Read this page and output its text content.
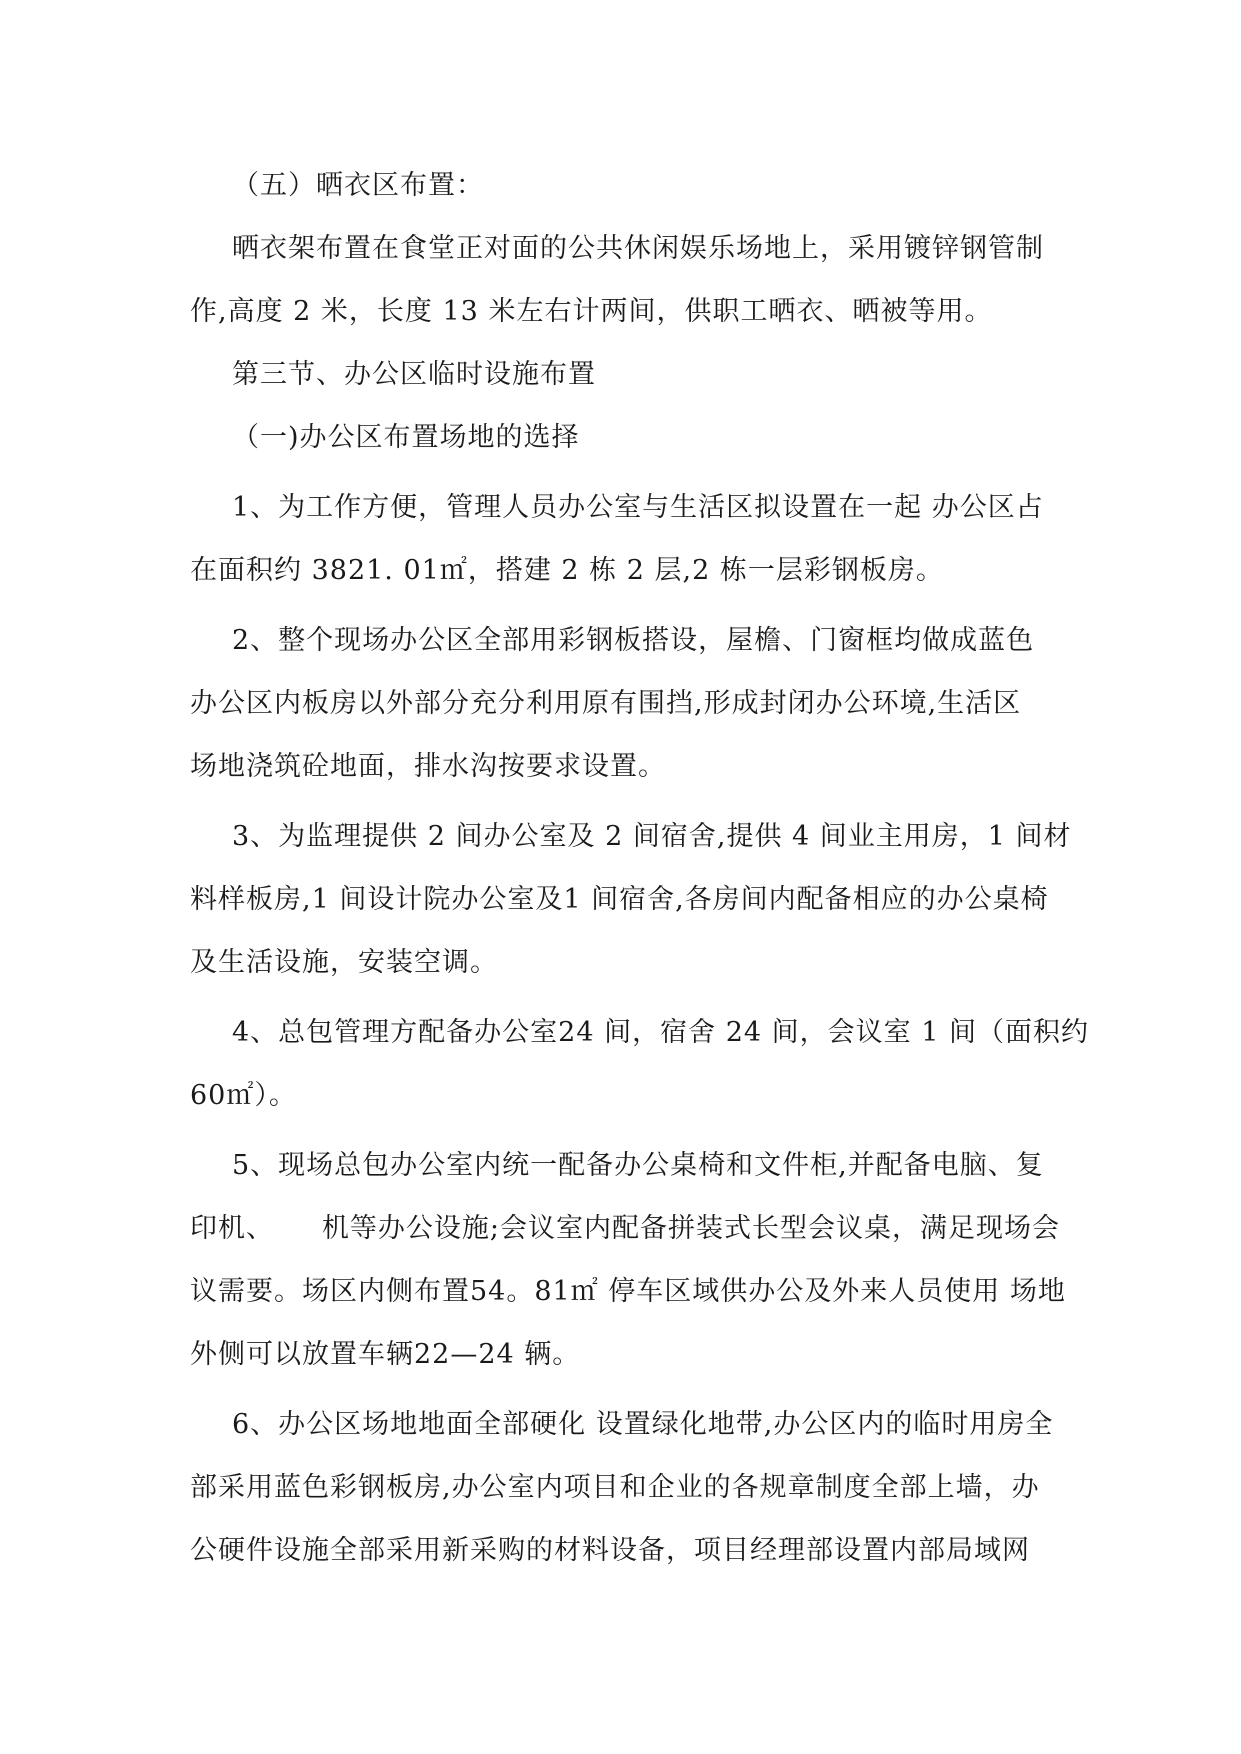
（五）晒衣区布置：
晒衣架布置在食堂正对面的公共休闲娱乐场地上，采用镀锌钢管制
作,高度 2 米，长度 13 米左右计两间，供职工晒衣、晒被等用。
第三节、办公区临时设施布置
（一)办公区布置场地的选择
1、为工作方便，管理人员办公室与生活区拟设置在一起 办公区占
在面积约 3821. 01㎡，搭建 2 栋 2 层,2 栋一层彩钢板房。
2、整个现场办公区全部用彩钢板搭设，屋檐、门窗框均做成蓝色
办公区内板房以外部分充分利用原有围挡,形成封闭办公环境,生活区
场地浇筑砼地面，排水沟按要求设置。
3、为监理提供 2 间办公室及 2 间宿舍,提供 4 间业主用房，1 间材
料样板房,1 间设计院办公室及1 间宿舍,各房间内配备相应的办公桌椅
及生活设施，安装空调。
4、总包管理方配备办公室24 间，宿舍 24 间，会议室 1 间（面积约
60㎡）。
5、现场总包办公室内统一配备办公桌椅和文件柜,并配备电脑、复
印机、     机等办公设施;会议室内配备拼装式长型会议桌，满足现场会
议需要。场区内侧布置54。81㎡ 停车区域供办公及外来人员使用 场地
外侧可以放置车辆22—24 辆。
6、办公区场地地面全部硬化 设置绿化地带,办公区内的临时用房全
部采用蓝色彩钢板房,办公室内项目和企业的各规章制度全部上墙，办
公硬件设施全部采用新采购的材料设备，项目经理部设置内部局域网
